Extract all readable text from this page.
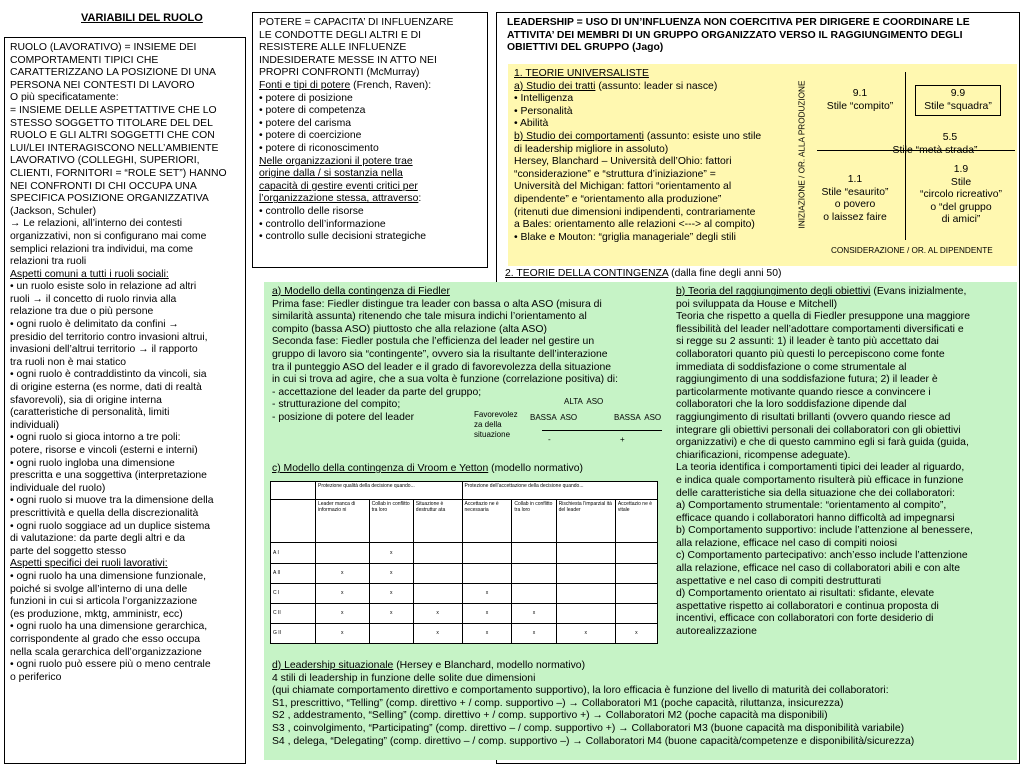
VARIABILI DEL RUOLO
RUOLO (LAVORATIVO) = INSIEME DEI
COMPORTAMENTI TIPICI CHE
CARATTERIZZANO LA POSIZIONE DI UNA
PERSONA NEI CONTESTI DI LAVORO
O più specificatamente:
= INSIEME DELLE ASPETTATTIVE CHE LO
STESSO SOGGETTO TITOLARE DEL DEL
RUOLO E GLI ALTRI SOGGETTI CHE CON
LUI/LEI INTERAGISCONO NELL’AMBIENTE
LAVORATIVO (COLLEGHI, SUPERIORI,
CLIENTI, FORNITORI = “ROLE SET”) HANNO
NEI CONFRONTI DI CHI OCCUPA UNA
SPECIFICA POSIZIONE ORGANIZZATIVA
(Jackson, Schuler)
→ Le relazioni, all’interno dei contesti
organizzativi, non si configurano mai come
semplici relazioni tra individui, ma come
relazioni tra ruoli
Aspetti comuni a tutti i ruoli sociali:
• un ruolo esiste solo in relazione ad altri
ruoli → il concetto di ruolo rinvia alla
relazione tra due o più persone
• ogni ruolo è delimitato da confini →
presidio del territorio contro invasioni altrui,
invasioni dell’altrui territorio → il rapporto
tra ruoli non è mai statico
• ogni ruolo è contraddistinto da vincoli, sia
di origine esterna (es norme, dati di realtà
sfavorevoli), sia di origine interna
(caratteristiche di personalità, limiti
individuali)
• ogni ruolo si gioca intorno a tre poli:
potere, risorse e vincoli (esterni e interni)
• ogni ruolo ingloba una dimensione
prescritta e una soggettiva (interpretazione
individuale del ruolo)
• ogni ruolo si muove tra la dimensione della
prescrittività e quella della discrezionalità
• ogni ruolo soggiace ad un duplice sistema
di valutazione: da parte degli altri e da
parte del soggetto stesso
Aspetti specifici dei ruoli lavorativi:
• ogni ruolo ha una dimensione funzionale,
poiché si svolge all’interno di una delle
funzioni in cui si articola l’organizzazione
(es produzione, mktg, amministr, ecc)
• ogni ruolo ha una dimensione gerarchica,
corrispondente al grado che esso occupa
nella scala gerarchica dell’organizzazione
• ogni ruolo può essere più o meno centrale
o periferico
POTERE = CAPACITA’ DI INFLUENZARE
LE CONDOTTE DEGLI ALTRI E DI
RESISTERE ALLE INFLUENZE
INDESIDERATE MESSE IN ATTO NEI
PROPRI CONFRONTI (McMurray)
Fonti e tipi di potere (French, Raven):
• potere di posizione
• potere di competenza
• potere del carisma
• potere di coercizione
• potere di riconoscimento
Nelle organizzazioni il potere trae
origine dalla / si sostanzia nella
capacità di gestire eventi critici per
l’organizzazione stessa, attraverso:
• controllo delle risorse
• controllo dell’informazione
• controllo sulle decisioni strategiche
LEADERSHIP = USO DI UN’INFLUENZA NON COERCITIVA PER DIRIGERE E COORDINARE LE
ATTIVITA’ DEI MEMBRI DI UN GRUPPO ORGANIZZATO VERSO IL RAGGIUNGIMENTO DEGLI
OBIETTIVI DEL GRUPPO (Jago)
1. TEORIE UNIVERSALISTE
a) Studio dei tratti (assunto: leader si nasce)
• Intelligenza
• Personalità
• Abilità
b) Studio dei comportamenti (assunto: esiste uno stile
di leadership migliore in assoluto)
Hersey, Blanchard – Università dell’Ohio: fattori
“considerazione” e “struttura d’iniziazione” =
Università del Michigan: fattori “orientamento al
dipendente” e “orientamento alla produzione”
(ritenuti due dimensioni indipendenti, contrariamente
a Bales: orientamento alle relazioni <---> al compito)
• Blake e Mouton: “griglia manageriale” degli stili
INIZIAZIONE / OR. ALLA PRODUZIONE	9.1
Stile “compito”
9.9
Stile “squadra”
5.5
Stile “metà strada”
1.1
Stile “esaurito”
o povero
o laissez faire
1.9
Stile
“circolo ricreativo”
o “del gruppo
di amici”
CONSIDERAZIONE / OR. AL DIPENDENTE
2. TEORIE DELLA CONTINGENZA (dalla fine degli anni 50)
a) Modello della contingenza di Fiedler
Prima fase: Fiedler distingue tra leader con bassa o alta ASO (misura di
similarità assunta) ritenendo che tale misura indichi l’orientamento al
compito (bassa ASO) piuttosto che alla relazione (alta ASO)
Seconda fase: Fiedler postula che l’efficienza del leader nel gestire un
gruppo di lavoro sia “contingente”, ovvero sia la risultante dell’interazione
tra il punteggio ASO del leader e il grado di favorevolezza della situazione
in cui si trova ad agire, che a sua volta è funzione (correlazione positiva) di:
- accettazione del leader da parte del gruppo;
- strutturazione del compito;
- posizione di potere del leader	Favorevolez
za della
situazione
ALTA  ASO
BASSA  ASO	BASSA  ASO
-	+
c) Modello della contingenza di Vroom e Yetton (modello normativo)
	Protezione qualità della decisione quando...			Protezione dell’accettazione della decisione quando...			
	Leader manca di informazio ni	Collab in conflitto tra loro	Situazione è destruttur ata	Accettazio ne è necessaria	Collab in conflitto tra loro	Rischiesta l’imparzial ità del leader	Accettazio ne è vitale
A I		x					
A II	x	x					
C I	x	x		x			
C II	x	x	x	x	x		
G II	x		x	x	x	x	x
b) Teoria del raggiungimento degli obiettivi (Evans inizialmente,
poi sviluppata da House e Mitchell)
Teoria che rispetto a quella di Fiedler presuppone una maggiore
flessibilità del leader nell’adottare comportamenti diversificati e
si regge su 2 assunti: 1) il leader è tanto più accettato dai
collaboratori quanto più questi lo percepiscono come fonte
immediata di soddisfazione o come strumentale al
raggiungimento di una soddisfazione futura; 2) il leader è
particolarmente motivante quando riesce a convincere i
collaboratori che la loro soddisfazione dipende dal
raggiungimento di risultati brillanti (ovvero quando riesce ad
integrare gli obiettivi personali dei collaboratori con gli obiettivi
organizzativi) e che di questo cammino egli si farà guida (guida,
chiarificazioni, ricompense adeguate).
La teoria identifica i comportamenti tipici dei leader al riguardo,
e indica quale comportamento risulterà più efficace in funzione
delle caratteristiche sia della situazione che dei collaboratori:
a) Comportamento strumentale: “orientamento al compito”,
efficace quando i collaboratori hanno difficoltà ad impegnarsi
b) Comportamento supportivo: include l’attenzione al benessere,
alla relazione, efficace nel caso di compiti noiosi
c) Comportamento partecipativo: anch’esso include l’attenzione
alla relazione, efficace nel caso di collaboratori abili e con alte
aspettative e nel caso di compiti destrutturati
d) Comportamento orientato ai risultati: sfidante, elevate
aspettative rispetto ai collaboratori e continua proposta di
incentivi, efficace con collaboratori con forte desiderio di
autorealizzazione
d) Leadership situazionale (Hersey e Blanchard, modello normativo)
4 stili di leadership in funzione delle solite due dimensioni
(qui chiamate comportamento direttivo e comportamento supportivo), la loro efficacia è funzione del livello di maturità dei collaboratori:
S1, prescrittivo, “Telling” (comp. direttivo + / comp. supportivo –) → Collaboratori M1 (poche capacità, riluttanza, insicurezza)
S2 , addestramento, “Selling” (comp. direttivo + / comp. supportivo +) → Collaboratori M2 (poche capacità ma disponibili)
S3 , coinvolgimento, “Participating” (comp. direttivo – / comp. supportivo +) → Collaboratori M3 (buone capacità ma disponibilità variabile)
S4 , delega, “Delegating” (comp. direttivo – / comp. supportivo –) → Collaboratori M4 (buone capacità/competenze e disponibilità/sicurezza)
